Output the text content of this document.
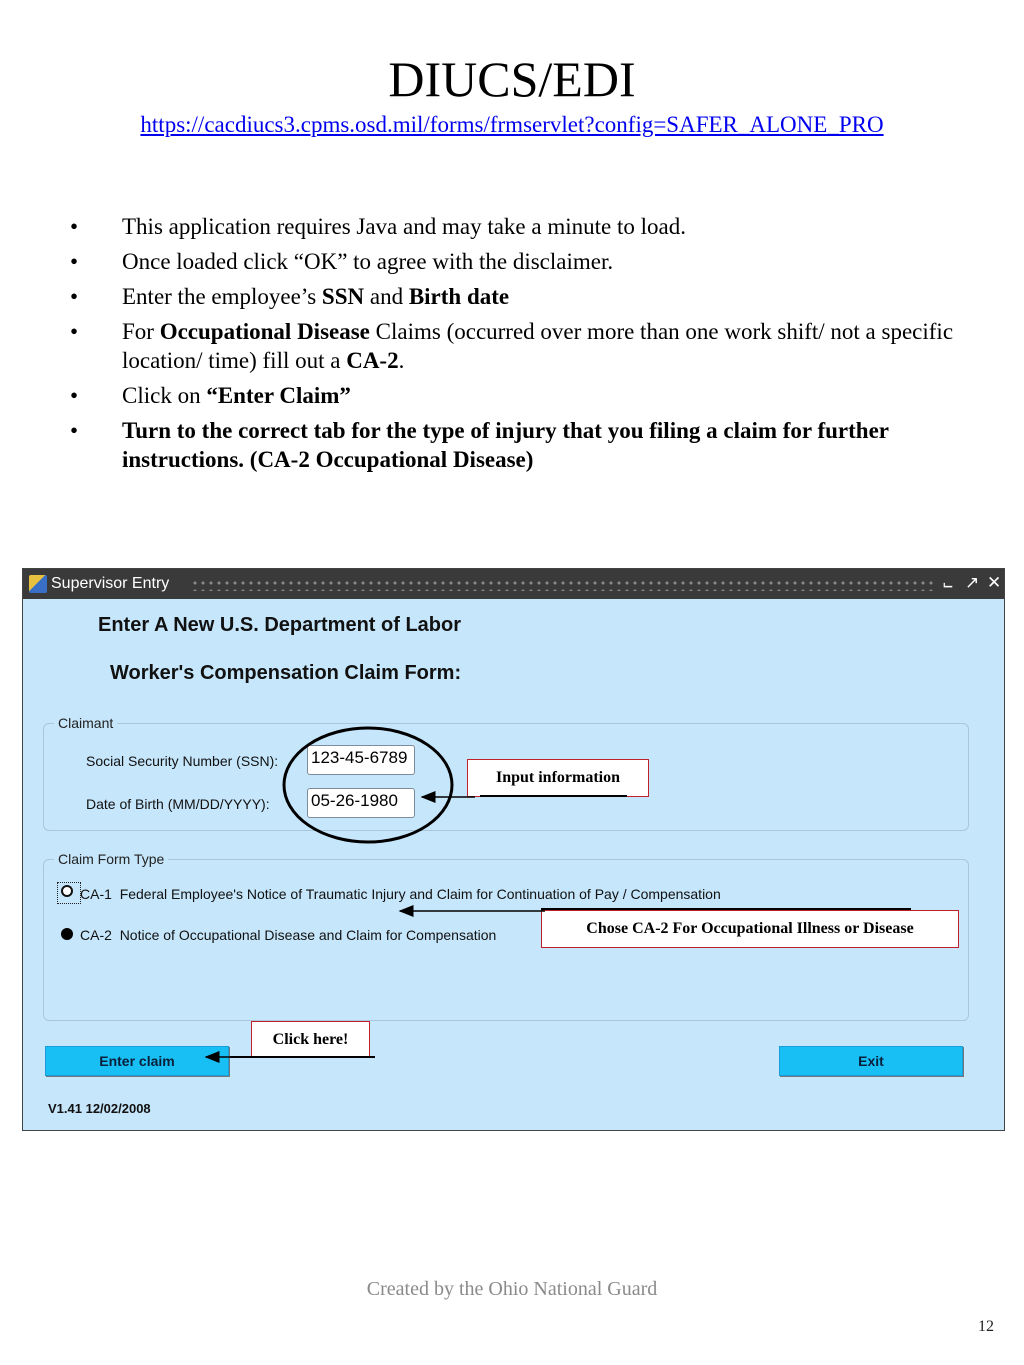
DIUCS/EDI
https://cacdiucs3.cpms.osd.mil/forms/frmservlet?config=SAFER_ALONE_PRO
• This application requires Java and may take a minute to load.
• Once loaded click “OK” to agree with the disclaimer.
• Enter the employee’s SSN and Birth date
• For Occupational Disease Claims (occurred over more than one work shift/ not a specific location/ time) fill out a CA-2.
• Click on “Enter Claim”
• Turn to the correct tab for the type of injury that you filing a claim for further instructions. (CA-2 Occupational Disease)
Supervisor Entry	⨽ ↗ ✕
Enter A New U.S. Department of Labor
Worker's Compensation Claim Form:
Claimant
Social Security Number (SSN): 123-45-6789
Date of Birth (MM/DD/YYYY): 05-26-1980
Claim Form Type
CA-1 Federal Employee's Notice of Traumatic Injury and Claim for Continuation of Pay / Compensation
CA-2 Notice of Occupational Disease and Claim for Compensation
Enter claim	Exit
V1.41 12/02/2008
Input information
Chose CA-2 For Occupational Illness or Disease
Click here!
Created by the Ohio National Guard
12
